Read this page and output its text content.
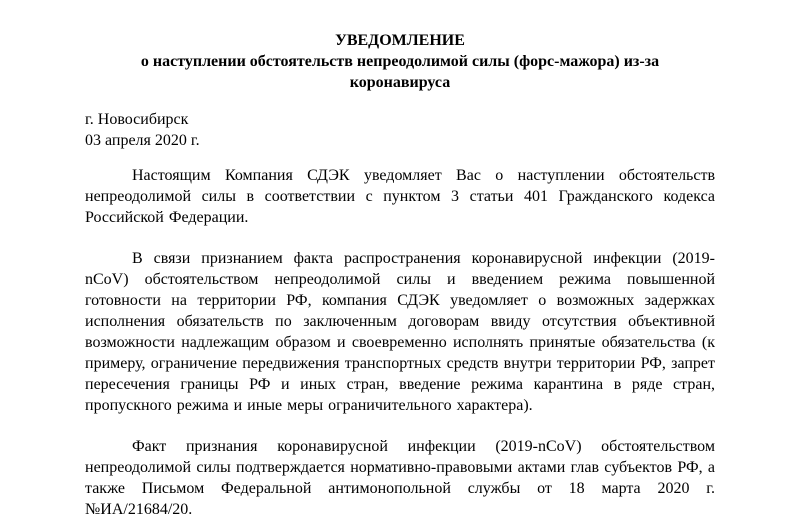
УВЕДОМЛЕНИЕ
о наступлении обстоятельств непреодолимой силы (форс-мажора) из-за
коронавируса
г. Новосибирск
03 апреля 2020 г.

Настоящим Компания СДЭК уведомляет Вас о наступлении обстоятельств непреодолимой силы в соответствии с пунктом 3 статьи 401 Гражданского кодекса Российской Федерации.

В связи признанием факта распространения коронавирусной инфекции (2019-nCoV) обстоятельством непреодолимой силы и введением режима повышенной готовности на территории РФ, компания СДЭК уведомляет о возможных задержках исполнения обязательств по заключенным договорам ввиду отсутствия объективной возможности надлежащим образом и своевременно исполнять принятые обязательства (к примеру, ограничение передвижения транспортных средств внутри территории РФ, запрет пересечения границы РФ и иных стран, введение режима карантина в ряде стран, пропускного режима и иные меры ограничительного характера).

Факт признания коронавирусной инфекции (2019-nCoV) обстоятельством непреодолимой силы подтверждается нормативно-правовыми актами глав субъектов РФ, а также Письмом Федеральной антимонопольной службы от 18 марта 2020 г. №ИА/21684/20.
